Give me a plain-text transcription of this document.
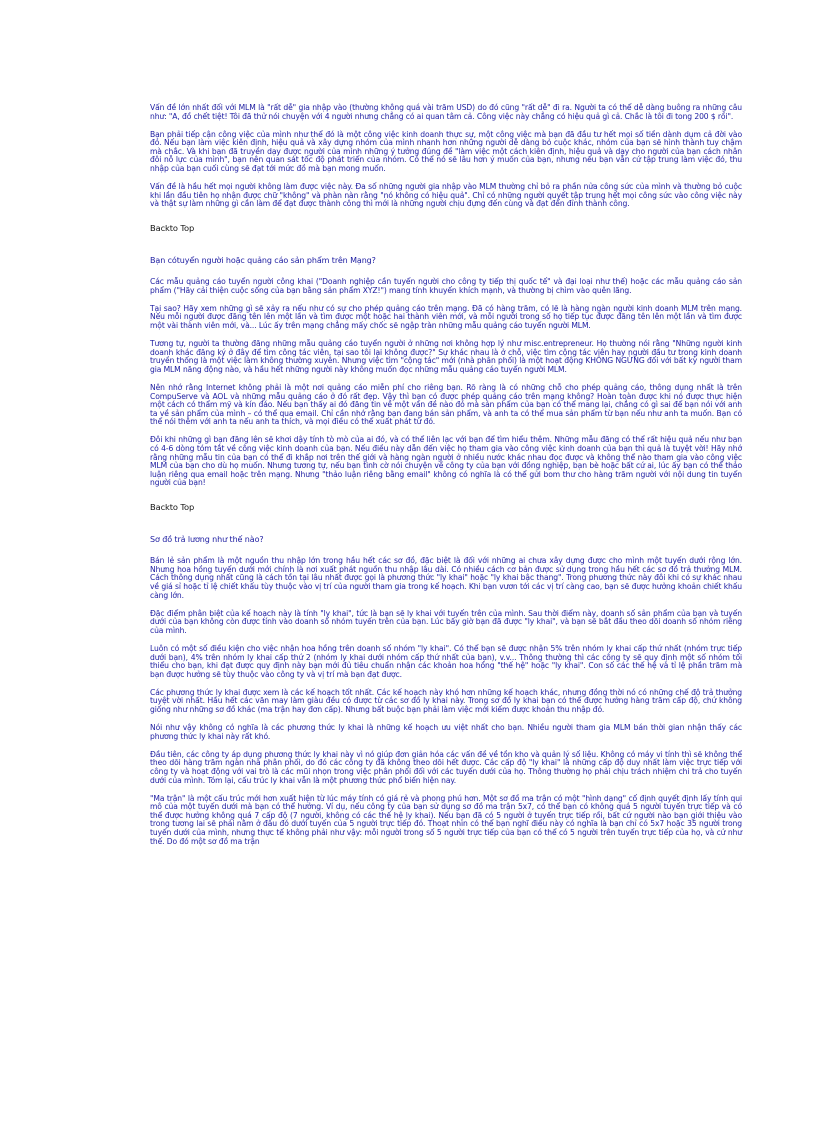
Vấn đề lớn nhất đối với MLM là "rất dễ" gia nhập vào (thường không quá vài trăm USD) do đó cũng "rất dễ" đi ra. Người ta có thể dễ dàng buông ra những câu như: "A, đồ chết tiệt! Tôi đã thử nói chuyện với 4 người nhưng chẳng có ai quan tâm cả. Công việc này chẳng có hiệu quả gì cả. Chắc là tôi đi tong 200 $ rồi".

Bạn phải tiếp cận công việc của mình như thể đó là một công việc kinh doanh thực sự, một công việc mà bạn đã đầu tư hết mọi số tiền dành dụm cả đời vào đó. Nếu bạn làm việc kiên định, hiệu quả và xây dựng nhóm của mình nhanh hơn những người dễ dàng bỏ cuộc khác, nhóm của bạn sẽ hình thành tuy chậm mà chắc. Và khi bạn đã truyền dạy được người của mình những ý tưởng đúng đề "làm việc một cách kiên định, hiệu quả và dạy cho người của bạn cách nhân đôi nỗ lực của mình", bạn nên quan sát tốc độ phát triển của nhóm. Có thể nó sẽ lâu hơn ý muốn của bạn, nhưng nếu bạn vẫn cứ tập trung làm việc đó, thu nhập của bạn cuối cùng sẽ đạt tới mức đồ mà bạn mong muốn.

Vấn đề là hầu hết mọi người không làm được việc này. Đa số những người gia nhập vào MLM thường chỉ bỏ ra phần nửa công sức của mình và thường bỏ cuộc khi lần đầu tiên họ nhận được chữ "không" và phàn nàn rằng "nó không có hiệu quả". Chỉ có những người quyết tập trung hết mọi công sức vào công việc này và thật sự làm những gì cần làm để đạt được thành công thì mới là những người chịu đựng đến cùng và đạt đến đỉnh thành công.

Backto Top
Bạn cótuyển người hoặc quảng cáo sản phẩm trên Mạng?

Các mẫu quảng cáo tuyển người công khai ("Doanh nghiệp cần tuyển người cho công ty tiếp thị quốc tế" và đại loại như thế) hoặc các mẫu quảng cáo sản phẩm ("Hãy cải thiện cuộc sống của bạn bằng sản phẩm XYZ!") mang tính khuyến khích mạnh, và thường bị chìm vào quên lãng.

Tại sao? Hãy xem những gì sẽ xảy ra nếu như có sự cho phép quảng cáo trên mạng. Đã có hàng trăm, có lẽ là hàng ngàn người kinh doanh MLM trên mạng. Nếu mỗi người được đăng tên lên một lần và tìm được một hoặc hai thành viên mới, và mỗi người trong số họ tiếp tục được đăng tên lên một lần và tìm được một vài thành viên mới, và... Lúc ấy trên mạng chẳng mấy chốc sẽ ngập tràn những mẫu quảng cáo tuyển người MLM.

Tương tự, người ta thường đăng những mẫu quảng cáo tuyển người ở những nơi không hợp lý như misc.entrepreneur. Họ thường nói rằng "Những người kinh doanh khác đăng ký ở đây để tìm công tác viên, tại sao tôi lại không được?" Sự khác nhau là ở chỗ, việc tìm cộng tác viên hay người đầu tư trong kinh doanh truyền thống là một việc làm không thường xuyên. Nhưng việc tìm "cộng tác" mới (nhà phân phối) là một hoạt động KHÔNG NGỪNG đối với bất kỳ người tham gia MLM năng động nào, và hầu hết những người này không muốn đọc những mẫu quảng cáo tuyển người MLM.

Nên nhớ rằng Internet không phải là một nơi quảng cáo miễn phí cho riêng bạn. Rõ ràng là có những chỗ cho phép quảng cáo, thông dụng nhất là trên CompuServe và AOL và những mẫu quảng cáo ở đó rất đẹp. Vậy thì bạn có được phép quảng cáo trên mạng không? Hoàn toàn được khi nó được thực hiện một cách có thẩm mỹ và kín đáo. Nếu bạn thấy ai đó đăng tin về một vấn đề nào đó mà sản phẩm của bạn có thể mang lại, chẳng có gì sai để bạn nói với anh ta về sản phẩm của mình – có thể qua email. Chỉ cần nhớ rằng bạn đang bán sản phẩm, và anh ta có thể mua sản phẩm từ bạn nếu như anh ta muốn. Bạn có thể nói thêm với anh ta nếu anh ta thích, và mọi điều có thể xuất phát từ đó.

Đôi khi những gì bạn đăng lên sẽ khơi dậy tính tò mò của ai đó, và có thể liên lạc với bạn để tìm hiểu thêm. Những mẫu đăng có thể rất hiệu quả nếu như bạn có 4-6 dòng tóm tắt về công việc kinh doanh của bạn. Nếu điều này dẫn đến việc họ tham gia vào công việc kinh doanh của bạn thì quả là tuyệt vời! Hãy nhớ rằng những mẫu tin của bạn có thể đi khắp nơi trên thế giới và hàng ngàn người ở nhiều nước khác nhau đọc được và không thể nào tham gia vào công việc MLM của bạn cho dù họ muốn. Nhưng tương tự, nếu bạn tình cờ nói chuyện về công ty của bạn với đồng nghiệp, bạn bè hoặc bất cứ ai, lúc ấy bạn có thể thảo luận riêng qua email hoặc trên mạng. Nhưng "thảo luận riêng bằng email" không có nghĩa là có thể gửi bom thư cho hàng trăm người với nội dung tin tuyển người của bạn!

Backto Top
Sơ đồ trả lương như thế nào?

Bán lẻ sản phẩm là một nguồn thu nhập lớn trong hầu hết các sơ đồ, đặc biệt là đối với những ai chưa xây dựng được cho mình một tuyến dưới rộng lớn. Nhưng hoa hồng tuyến dưới mới chính là nơi xuất phát nguồn thu nhập lâu dài. Có nhiều cách cơ bản được sử dụng trong hầu hết các sơ đồ trả thưởng MLM. Cách thông dụng nhất cũng là cách tồn tại lâu nhất được gọi là phương thức "ly khai" hoặc "ly khai bậc thang". Trong phương thức này đôi khi có sự khác nhau về giá sỉ hoặc tỉ lệ chiết khấu tùy thuộc vào vị trí của người tham gia trong kế hoạch. Khi bạn vươn tới các vị trí càng cao, bạn sẽ được hưởng khoản chiết khấu càng lớn.

Đặc điểm phân biệt của kế hoạch này là tính "ly khai", tức là bạn sẽ ly khai với tuyến trên của mình. Sau thời điểm này, doanh số sản phẩm của bạn và tuyến dưới của bạn không còn được tính vào doanh số nhóm tuyến trên của bạn. Lúc bấy giờ bạn đã được "ly khai", và bạn sẽ bắt đầu theo dõi doanh số nhóm riêng của mình.

Luôn có một số điều kiện cho việc nhận hoa hồng trên doanh số nhóm "ly khai". Có thể bạn sẽ được nhận 5% trên nhóm ly khai cấp thứ nhất (nhóm trực tiếp dưới bạn), 4% trên nhóm ly khai cấp thứ 2 (nhóm ly khai dưới nhóm cấp thứ nhất của bạn), v.v... Thông thường thì các công ty sẽ quy định một số nhóm tối thiểu cho bạn, khi đạt được quy định này bạn mới đủ tiêu chuẩn nhận các khoản hoa hồng "thế hệ" hoặc "ly khai". Con số các thế hệ và tỉ lệ phần trăm mà bạn được hưởng sẽ tùy thuộc vào công ty và vị trí mà bạn đạt được.

Các phương thức ly khai được xem là các kế hoạch tốt nhất. Các kế hoạch này khó hơn những kế hoạch khác, nhưng đồng thời nó có những chế độ trả thưởng tuyệt vời nhất. Hầu hết các văn may làm giàu đều có được từ các sơ đồ ly khai này. Trong sơ đồ ly khai bạn có thể được hưởng hàng trăm cấp độ, chứ không giống như những sơ đồ khác (ma trận hay đơn cấp). Nhưng bất buộc bạn phải làm việc mới kiếm được khoản thu nhập đó.

Nói như vậy không có nghĩa là các phương thức ly khai là những kế hoạch ưu việt nhất cho bạn. Nhiều người tham gia MLM bán thời gian nhận thấy các phương thức ly khai này rất khó.

Đầu tiên, các công ty áp dụng phương thức ly khai này vì nó giúp đơn giản hóa các vấn đề về tồn kho và quản lý số liệu. Không có máy vi tính thì sẽ không thể theo dõi hàng trăm ngàn nhà phân phối, do đó các công ty đã không theo dõi hết được. Các cấp độ "ly khai" là những cấp độ duy nhất làm việc trực tiếp với công ty và hoạt động với vai trò là các mũi nhọn trong việc phân phối đối với các tuyến dưới của họ. Thông thường họ phải chịu trách nhiệm chi trả cho tuyến dưới của mình. Tóm lại, cấu trúc ly khai vẫn là một phương thức phổ biến hiện nay.

"Ma trận" là một cấu trúc mới hơn xuất hiện từ lúc máy tính có giá rẻ và phong phú hơn. Một sơ đồ ma trận có một "hình dạng" cố định quyết định lấy tính qui mô của một tuyến dưới mà bạn có thể hưởng. Ví dụ, nếu công ty của bạn sử dụng sơ đồ ma trận 5x7, có thể bạn có không quá 5 người tuyến trực tiếp và có thể được hưởng không quá 7 cấp độ (7 người, không có các thế hệ ly khai). Nếu bạn đã có 5 người ở tuyến trực tiếp rồi, bất cứ người nào bạn giới thiệu vào trong tương lai sẽ phải nằm ở đâu đó dưới tuyến của 5 người trực tiếp đó. Thoạt nhìn có thể bạn nghĩ điều này có nghĩa là bạn chỉ có 5x7 hoặc 35 người trong tuyến dưới của mình, nhưng thực tế không phải như vậy: mỗi người trong số 5 người trực tiếp của bạn có thể có 5 người trên tuyến trực tiếp của họ, và cứ như thế. Do đó một sơ đồ ma trận
